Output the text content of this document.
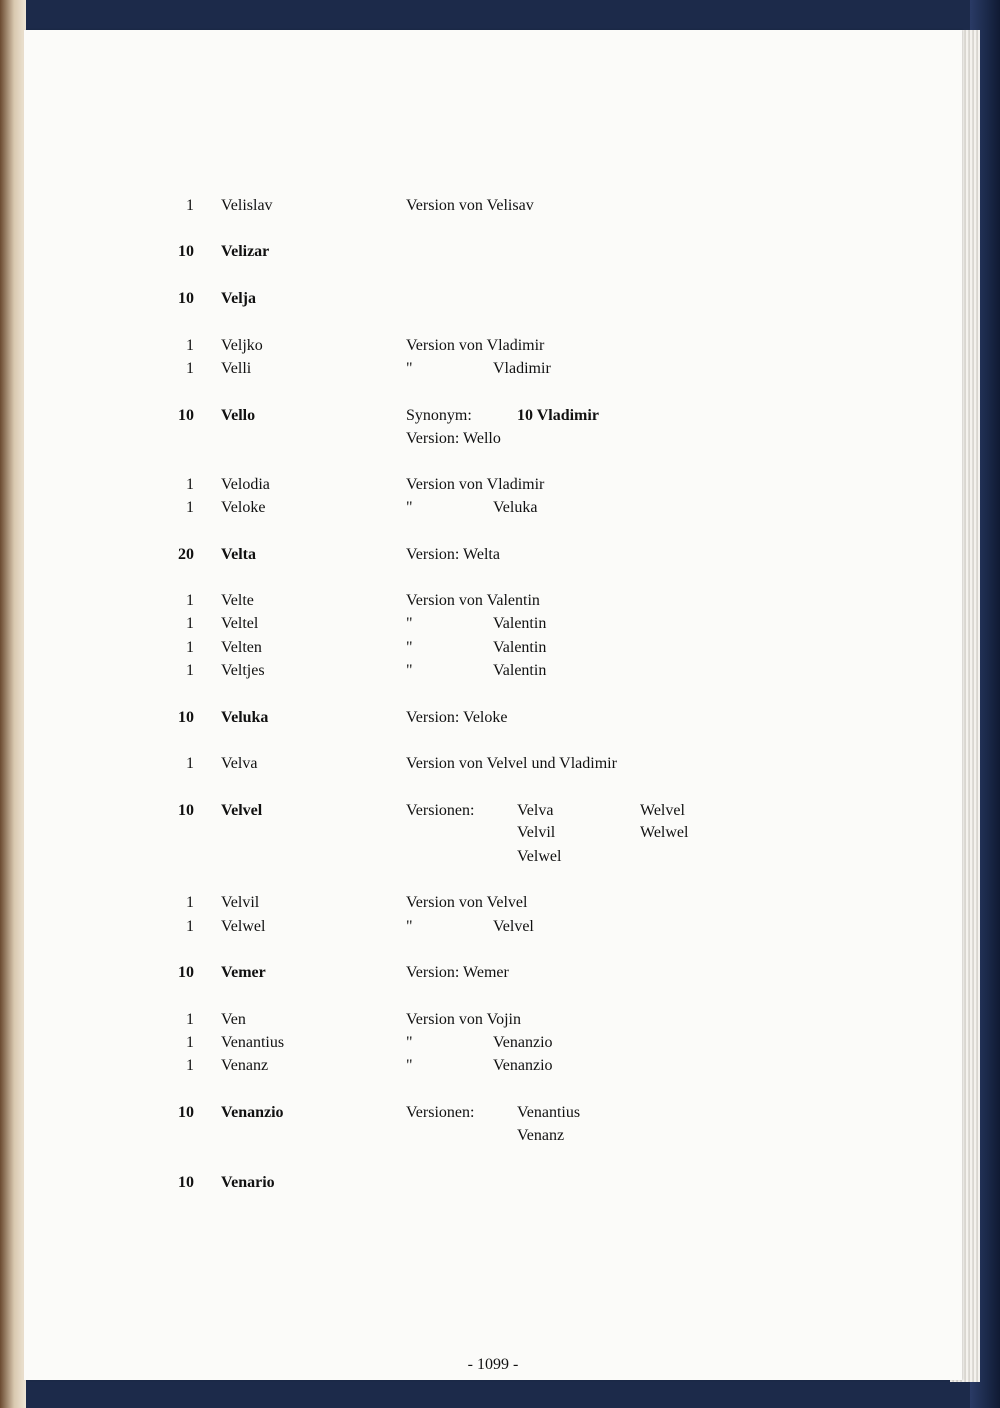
1 Velislav	Version von Velisav
10 Velizar
10 Velja
1 Veljko	Version von Vladimir
1 Velli	"	Vladimir
10 Vello	Synonym:	10 Vladimir
Version: Wello
1 Velodia	Version von Vladimir
1 Veloke	"	Veluka
20 Velta	Version: Welta
1 Velte	Version von Valentin
1 Veltel	"	Valentin
1 Velten	"	Valentin
1 Veltjes	"	Valentin
10 Veluka	Version: Veloke
1 Velva	Version von Velvel und Vladimir
10 Velvel	Versionen:	Velva	Welvel
Velvil	Welwel
Velwel
1 Velvil	Version von Velvel
1 Velwel	"	Velvel
10 Vemer	Version: Wemer
1 Ven	Version von Vojin
1 Venantius	"	Venanzio
1 Venanz	"	Venanzio
10 Venanzio	Versionen:	Venantius
Venanz
10 Venario
- 1099 -
